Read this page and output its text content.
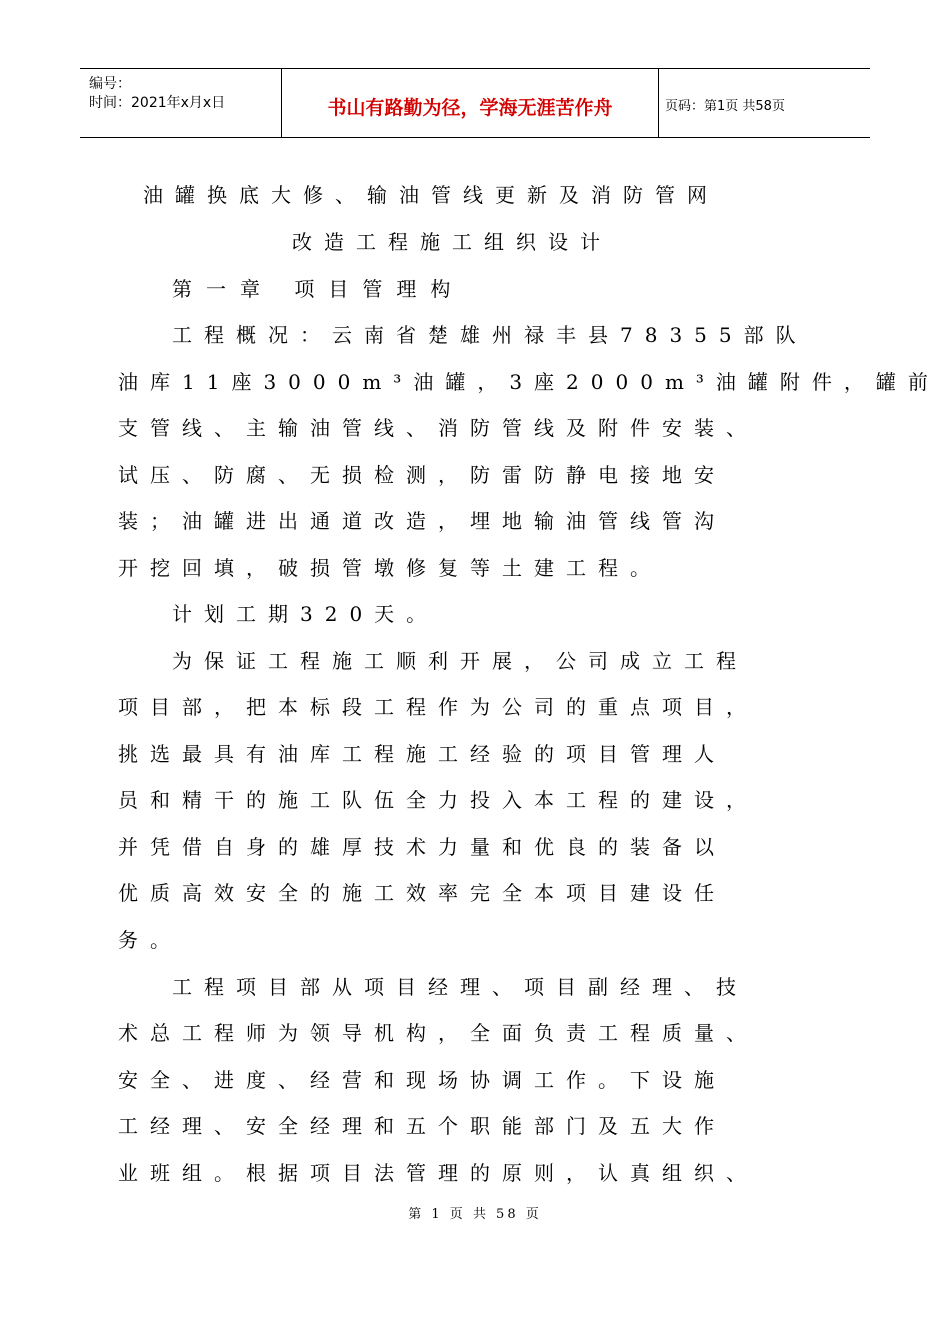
编号：
时间：2021年x月x日	书山有路勤为径，学海无涯苦作舟	页码：第1页 共58页
油罐换底大修、输油管线更新及消防管网
改造工程施工组织设计
第一章 项目管理构
工程概况：云南省楚雄州禄丰县78355部队
油库11座3000m³油罐，3座2000m³油罐附件，罐前
支管线、主输油管线、消防管线及附件安装、
试压、防腐、无损检测，防雷防静电接地安
装；油罐进出通道改造，埋地输油管线管沟
开挖回填，破损管墩修复等土建工程。
计划工期320天。
为保证工程施工顺利开展，公司成立工程
项目部，把本标段工程作为公司的重点项目，
挑选最具有油库工程施工经验的项目管理人
员和精干的施工队伍全力投入本工程的建设，
并凭借自身的雄厚技术力量和优良的装备以
优质高效安全的施工效率完全本项目建设任
务。
工程项目部从项目经理、项目副经理、技
术总工程师为领导机构，全面负责工程质量、
安全、进度、经营和现场协调工作。下设施
工经理、安全经理和五个职能部门及五大作
业班组。根据项目法管理的原则，认真组织、
第 1 页 共 58 页
